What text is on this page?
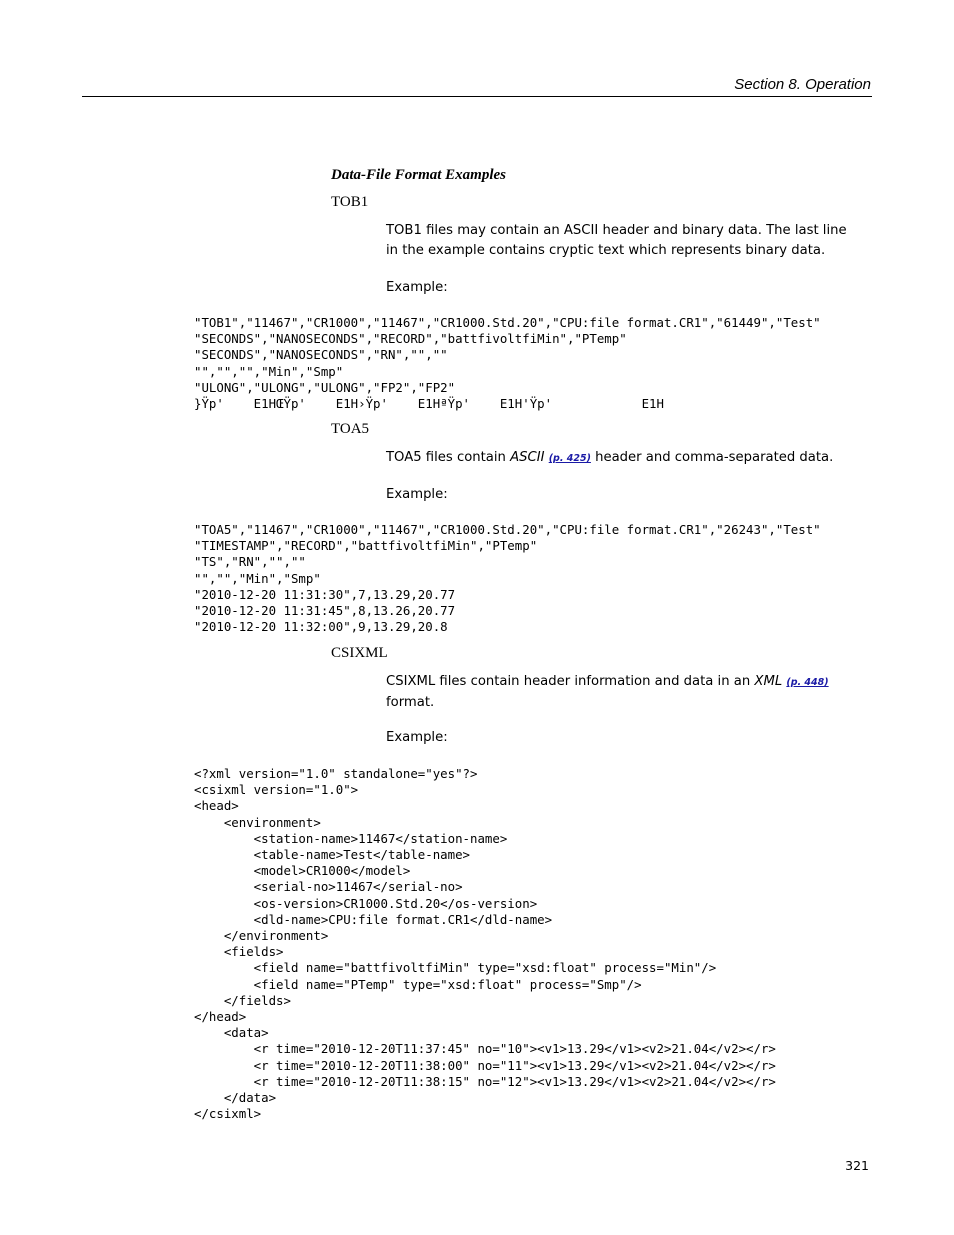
Section 8. Operation
Data-File Format Examples
TOB1
TOB1 files may contain an ASCII header and binary data. The last line in the example contains cryptic text which represents binary data.
Example:
"TOB1","11467","CR1000","11467","CR1000.Std.20","CPU:file format.CR1","61449","Test"
"SECONDS","NANOSECONDS","RECORD","battfivoltfiMin","PTemp"
"SECONDS","NANOSECONDS","RN","",""
"","","","Min","Smp"
"ULONG","ULONG","ULONG","FP2","FP2"
}Ÿp'    E1HŒŸp'    E1H›Ÿp'    E1HªŸp'    E1H'Ÿp'            E1H
TOA5
TOA5 files contain ASCII (p. 425) header and comma-separated data.
Example:
"TOA5","11467","CR1000","11467","CR1000.Std.20","CPU:file format.CR1","26243","Test"
"TIMESTAMP","RECORD","battfivoltfiMin","PTemp"
"TS","RN","",""
"","","Min","Smp"
"2010-12-20 11:31:30",7,13.29,20.77
"2010-12-20 11:31:45",8,13.26,20.77
"2010-12-20 11:32:00",9,13.29,20.8
CSIXML
CSIXML files contain header information and data in an XML (p. 448)
format.
Example:
<?xml version="1.0" standalone="yes"?>
<csixml version="1.0">
<head>
<environment>
<station-name>11467</station-name>
<table-name>Test</table-name>
<model>CR1000</model>
<serial-no>11467</serial-no>
<os-version>CR1000.Std.20</os-version>
<dld-name>CPU:file format.CR1</dld-name>
</environment>
<fields>
<field name="battfivoltfiMin" type="xsd:float" process="Min"/>
<field name="PTemp" type="xsd:float" process="Smp"/>
</fields>
</head>
<data>
<r time="2010-12-20T11:37:45" no="10"><v1>13.29</v1><v2>21.04</v2></r>
<r time="2010-12-20T11:38:00" no="11"><v1>13.29</v1><v2>21.04</v2></r>
<r time="2010-12-20T11:38:15" no="12"><v1>13.29</v1><v2>21.04</v2></r>
</data>
</csixml>
321
